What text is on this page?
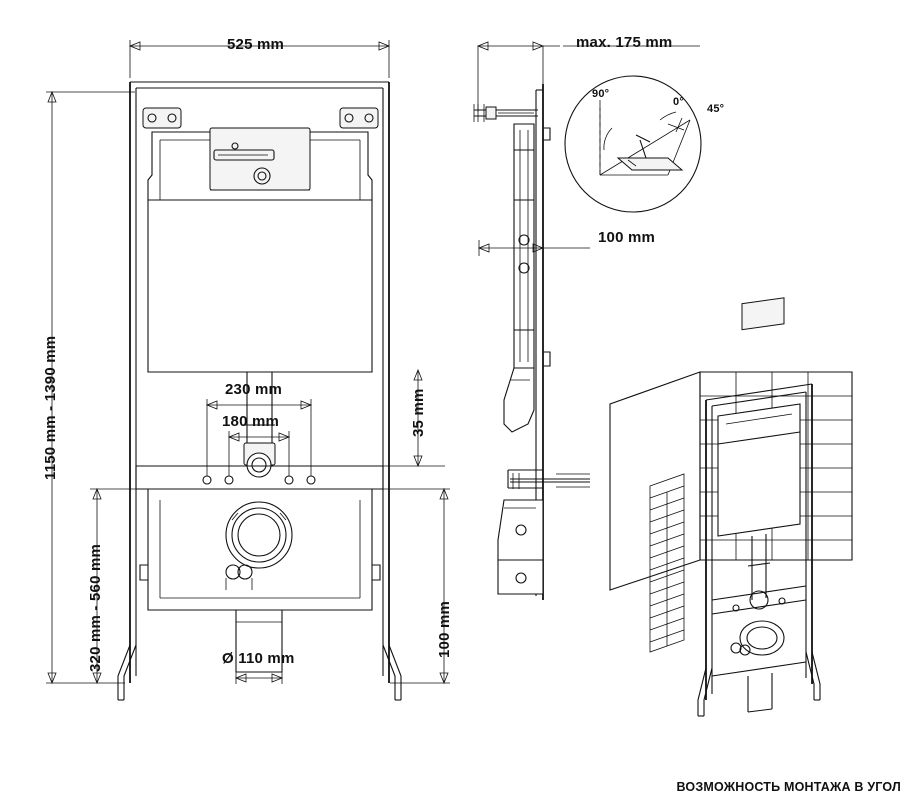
525 mm
1150 mm - 1390 mm
320 mm - 560 mm
230 mm
180 mm	35 mm
100 mm
Ø 110 mm
max. 175 mm
100 mm
90°
0°
45°
ВОЗМОЖНОСТЬ МОНТАЖА В УГОЛ
